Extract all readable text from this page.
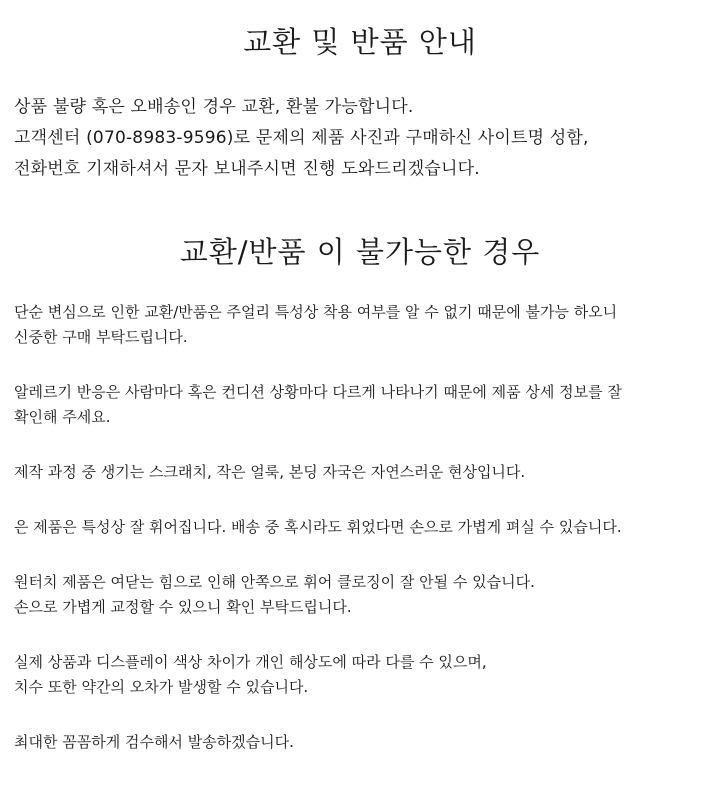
교환 및 반품 안내
상품 불량 혹은 오배송인 경우 교환, 환불 가능합니다.
고객센터 (070-8983-9596)로 문제의 제품 사진과 구매하신 사이트명 성함,
전화번호 기재하셔서 문자 보내주시면 진행 도와드리겠습니다.
교환/반품 이 불가능한 경우

단순 변심으로 인한 교환/반품은 주얼리 특성상 착용 여부를 알 수 없기 때문에 불가능 하오니
신중한 구매 부탁드립니다.

알레르기 반응은 사람마다 혹은 컨디션 상황마다 다르게 나타나기 때문에 제품 상세 정보를 잘
확인해 주세요.

제작 과정 중 생기는 스크래치, 작은 얼룩, 본딩 자국은 자연스러운 현상입니다.

은 제품은 특성상 잘 휘어집니다. 배송 중 혹시라도 휘었다면 손으로 가볍게 펴실 수 있습니다.

원터치 제품은 여닫는 힘으로 인해 안쪽으로 휘어 클로징이 잘 안될 수 있습니다.
손으로 가볍게 교정할 수 있으니 확인 부탁드립니다.

실제 상품과 디스플레이 색상 차이가 개인 해상도에 따라 다를 수 있으며,
치수 또한 약간의 오차가 발생할 수 있습니다.

최대한 꼼꼼하게 검수해서 발송하겠습니다.
